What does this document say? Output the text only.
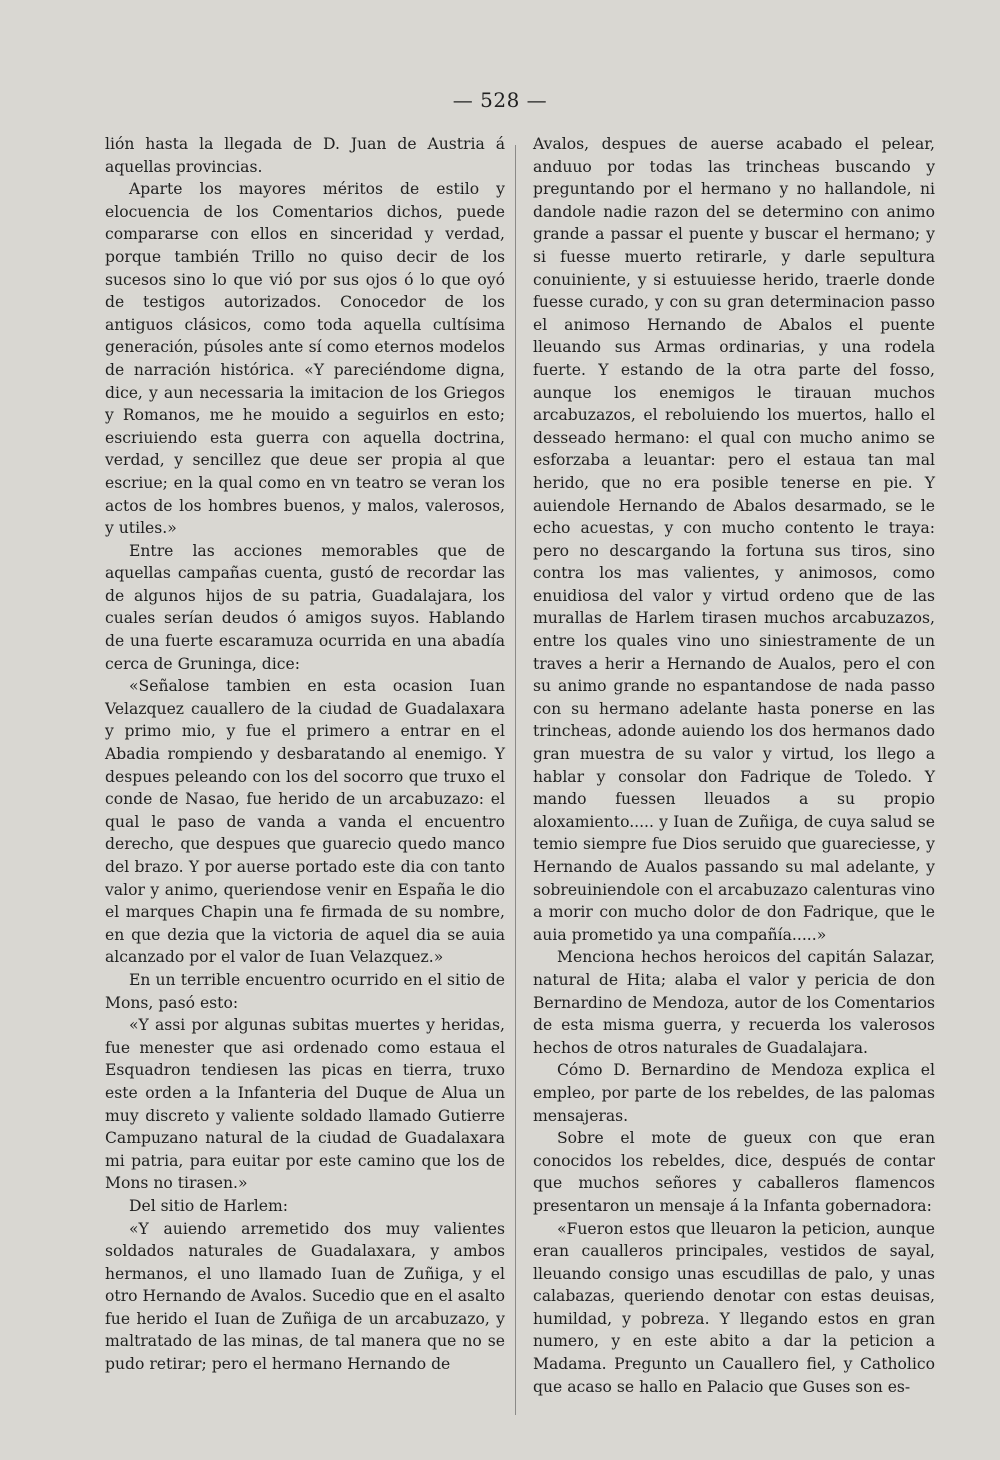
— 528 —

lión hasta la llegada de D. Juan de Austria á aquellas provincias.

Aparte los mayores méritos de estilo y elocuencia de los Comentarios dichos, puede compararse con ellos en sinceridad y verdad, porque también Trillo no quiso decir de los sucesos sino lo que vió por sus ojos ó lo que oyó de testigos autorizados. Conocedor de los antiguos clásicos, como toda aquella cultísima generación, púsoles ante sí como eternos modelos de narración histórica. «Y pareciéndome digna, dice, y aun necessaria la imitacion de los Griegos y Romanos, me he mouido a seguirlos en esto; escriuiendo esta guerra con aquella doctrina, verdad, y sencillez que deue ser propia al que escriue; en la qual como en vn teatro se veran los actos de los hombres buenos, y malos, valerosos, y utiles.»

Entre las acciones memorables que de aquellas campañas cuenta, gustó de recordar las de algunos hijos de su patria, Guadalajara, los cuales serían deudos ó amigos suyos. Hablando de una fuerte escaramuza ocurrida en una abadía cerca de Gruninga, dice:

«Señalose tambien en esta ocasion Iuan Velazquez cauallero de la ciudad de Guadalaxara y primo mio, y fue el primero a entrar en el Abadia rompiendo y desbaratando al enemigo. Y despues peleando con los del socorro que truxo el conde de Nasao, fue herido de un arcabuzazo: el qual le paso de vanda a vanda el encuentro derecho, que despues que guarecio quedo manco del brazo. Y por auerse portado este dia con tanto valor y animo, queriendose venir en España le dio el marques Chapin una fe firmada de su nombre, en que dezia que la victoria de aquel dia se auia alcanzado por el valor de Iuan Velazquez.»

En un terrible encuentro ocurrido en el sitio de Mons, pasó esto:

«Y assi por algunas subitas muertes y heridas, fue menester que asi ordenado como estaua el Esquadron tendiesen las picas en tierra, truxo este orden a la Infanteria del Duque de Alua un muy discreto y valiente soldado llamado Gutierre Campuzano natural de la ciudad de Guadalaxara mi patria, para euitar por este camino que los de Mons no tirasen.»

Del sitio de Harlem:

«Y auiendo arremetido dos muy valientes soldados naturales de Guadalaxara, y ambos hermanos, el uno llamado Iuan de Zuñiga, y el otro Hernando de Avalos. Sucedio que en el asalto fue herido el Iuan de Zuñiga de un arcabuzazo, y maltratado de las minas, de tal manera que no se pudo retirar; pero el hermano Hernando de

Avalos, despues de auerse acabado el pelear, anduuo por todas las trincheas buscando y preguntando por el hermano y no hallandole, ni dandole nadie razon del se determino con animo grande a passar el puente y buscar el hermano; y si fuesse muerto retirarle, y darle sepultura conuiniente, y si estuuiesse herido, traerle donde fuesse curado, y con su gran determinacion passo el animoso Hernando de Abalos el puente lleuando sus Armas ordinarias, y una rodela fuerte. Y estando de la otra parte del fosso, aunque los enemigos le tirauan muchos arcabuzazos, el reboluiendo los muertos, hallo el desseado hermano: el qual con mucho animo se esforzaba a leuantar: pero el estaua tan mal herido, que no era posible tenerse en pie. Y auiendole Hernando de Abalos desarmado, se le echo acuestas, y con mucho contento le traya: pero no descargando la fortuna sus tiros, sino contra los mas valientes, y animosos, como enuidiosa del valor y virtud ordeno que de las murallas de Harlem tirasen muchos arcabuzazos, entre los quales vino uno siniestramente de un traves a herir a Hernando de Aualos, pero el con su animo grande no espantandose de nada passo con su hermano adelante hasta ponerse en las trincheas, adonde auiendo los dos hermanos dado gran muestra de su valor y virtud, los llego a hablar y consolar don Fadrique de Toledo. Y mando fuessen lleuados a su propio aloxamiento..... y Iuan de Zuñiga, de cuya salud se temio siempre fue Dios seruido que guareciesse, y Hernando de Aualos passando su mal adelante, y sobreuiniendole con el arcabuzazo calenturas vino a morir con mucho dolor de don Fadrique, que le auia prometido ya una compañía.....»

Menciona hechos heroicos del capitán Salazar, natural de Hita; alaba el valor y pericia de don Bernardino de Mendoza, autor de los Comentarios de esta misma guerra, y recuerda los valerosos hechos de otros naturales de Guadalajara.

Cómo D. Bernardino de Mendoza explica el empleo, por parte de los rebeldes, de las palomas mensajeras.

Sobre el mote de gueux con que eran conocidos los rebeldes, dice, después de contar que muchos señores y caballeros flamencos presentaron un mensaje á la Infanta gobernadora:

«Fueron estos que lleuaron la peticion, aunque eran caualleros principales, vestidos de sayal, lleuando consigo unas escudillas de palo, y unas calabazas, queriendo denotar con estas deuisas, humildad, y pobreza. Y llegando estos en gran numero, y en este abito a dar la peticion a Madama. Pregunto un Cauallero fiel, y Catholico que acaso se hallo en Palacio que Guses son es-
